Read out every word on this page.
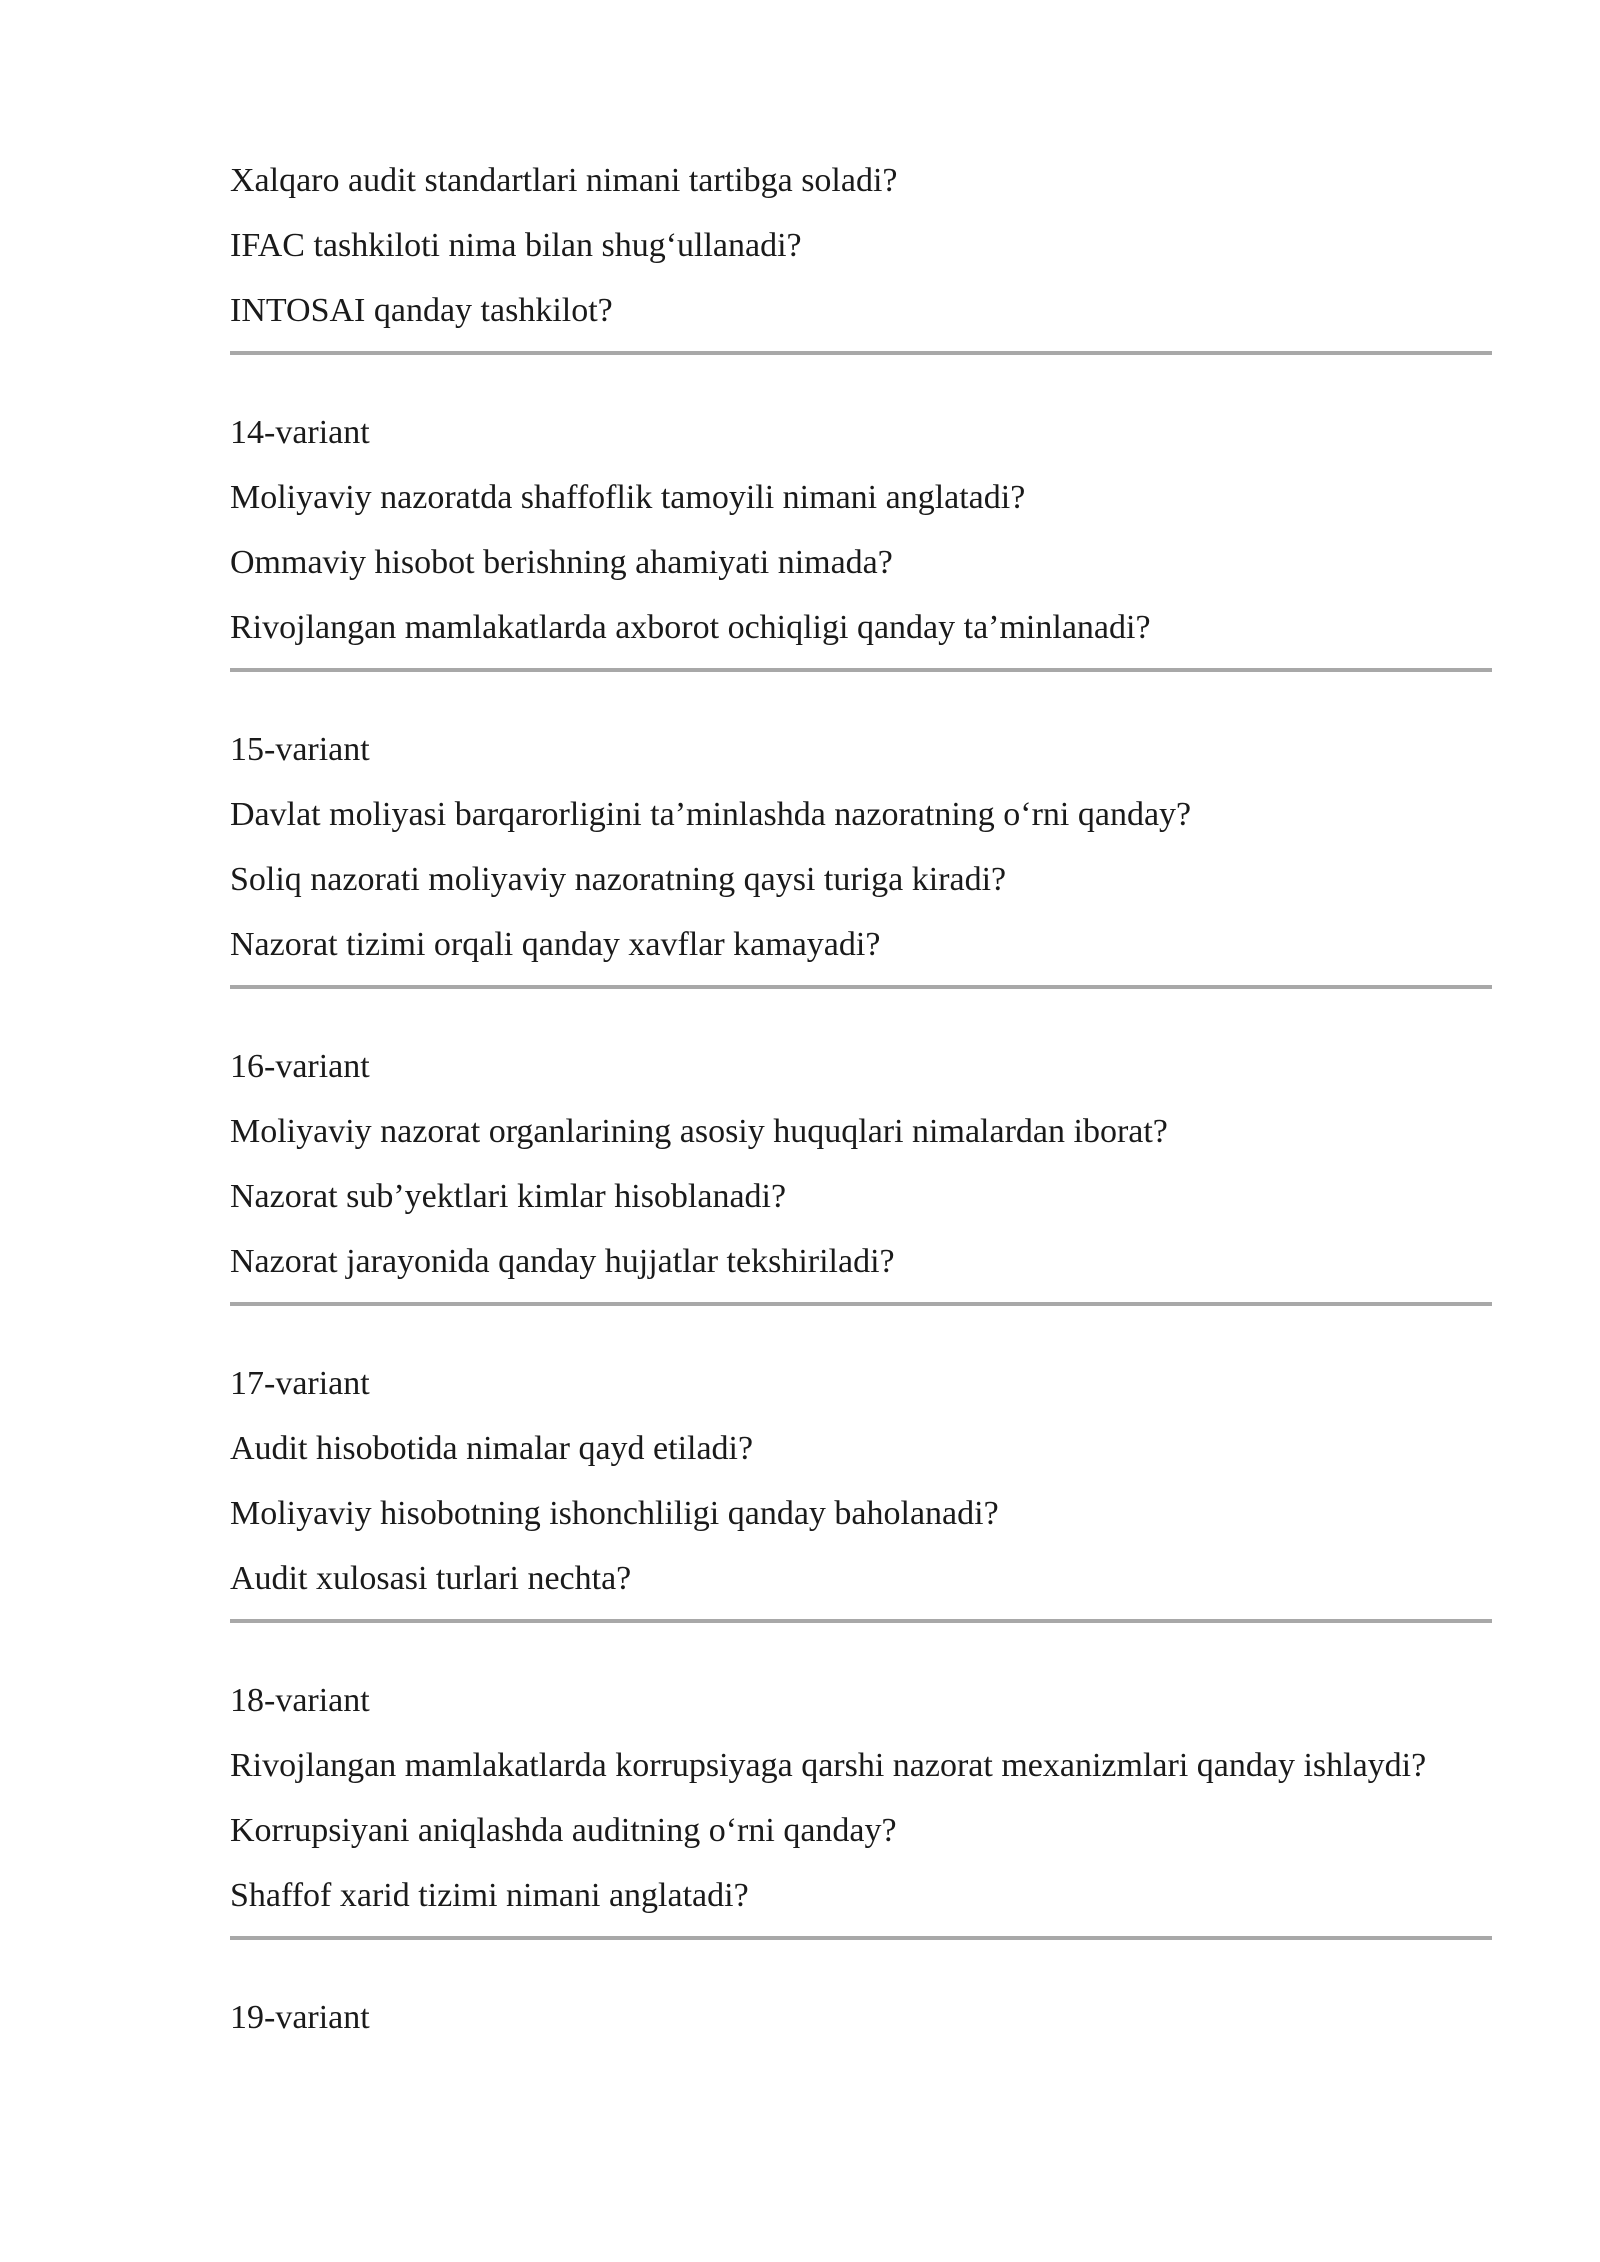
Xalqaro audit standartlari nimani tartibga soladi?
IFAC tashkiloti nima bilan shug‘ullanadi?
INTOSAI qanday tashkilot?
14-variant
Moliyaviy nazoratda shaffoflik tamoyili nimani anglatadi?
Ommaviy hisobot berishning ahamiyati nimada?
Rivojlangan mamlakatlarda axborot ochiqligi qanday ta’minlanadi?
15-variant
Davlat moliyasi barqarorligini ta’minlashda nazoratning o‘rni qanday?
Soliq nazorati moliyaviy nazoratning qaysi turiga kiradi?
Nazorat tizimi orqali qanday xavflar kamayadi?
16-variant
Moliyaviy nazorat organlarining asosiy huquqlari nimalardan iborat?
Nazorat sub’yektlari kimlar hisoblanadi?
Nazorat jarayonida qanday hujjatlar tekshiriladi?
17-variant
Audit hisobotida nimalar qayd etiladi?
Moliyaviy hisobotning ishonchliligi qanday baholanadi?
Audit xulosasi turlari nechta?
18-variant
Rivojlangan mamlakatlarda korrupsiyaga qarshi nazorat mexanizmlari qanday ishlaydi?
Korrupsiyani aniqlashda auditning o‘rni qanday?
Shaffof xarid tizimi nimani anglatadi?
19-variant
